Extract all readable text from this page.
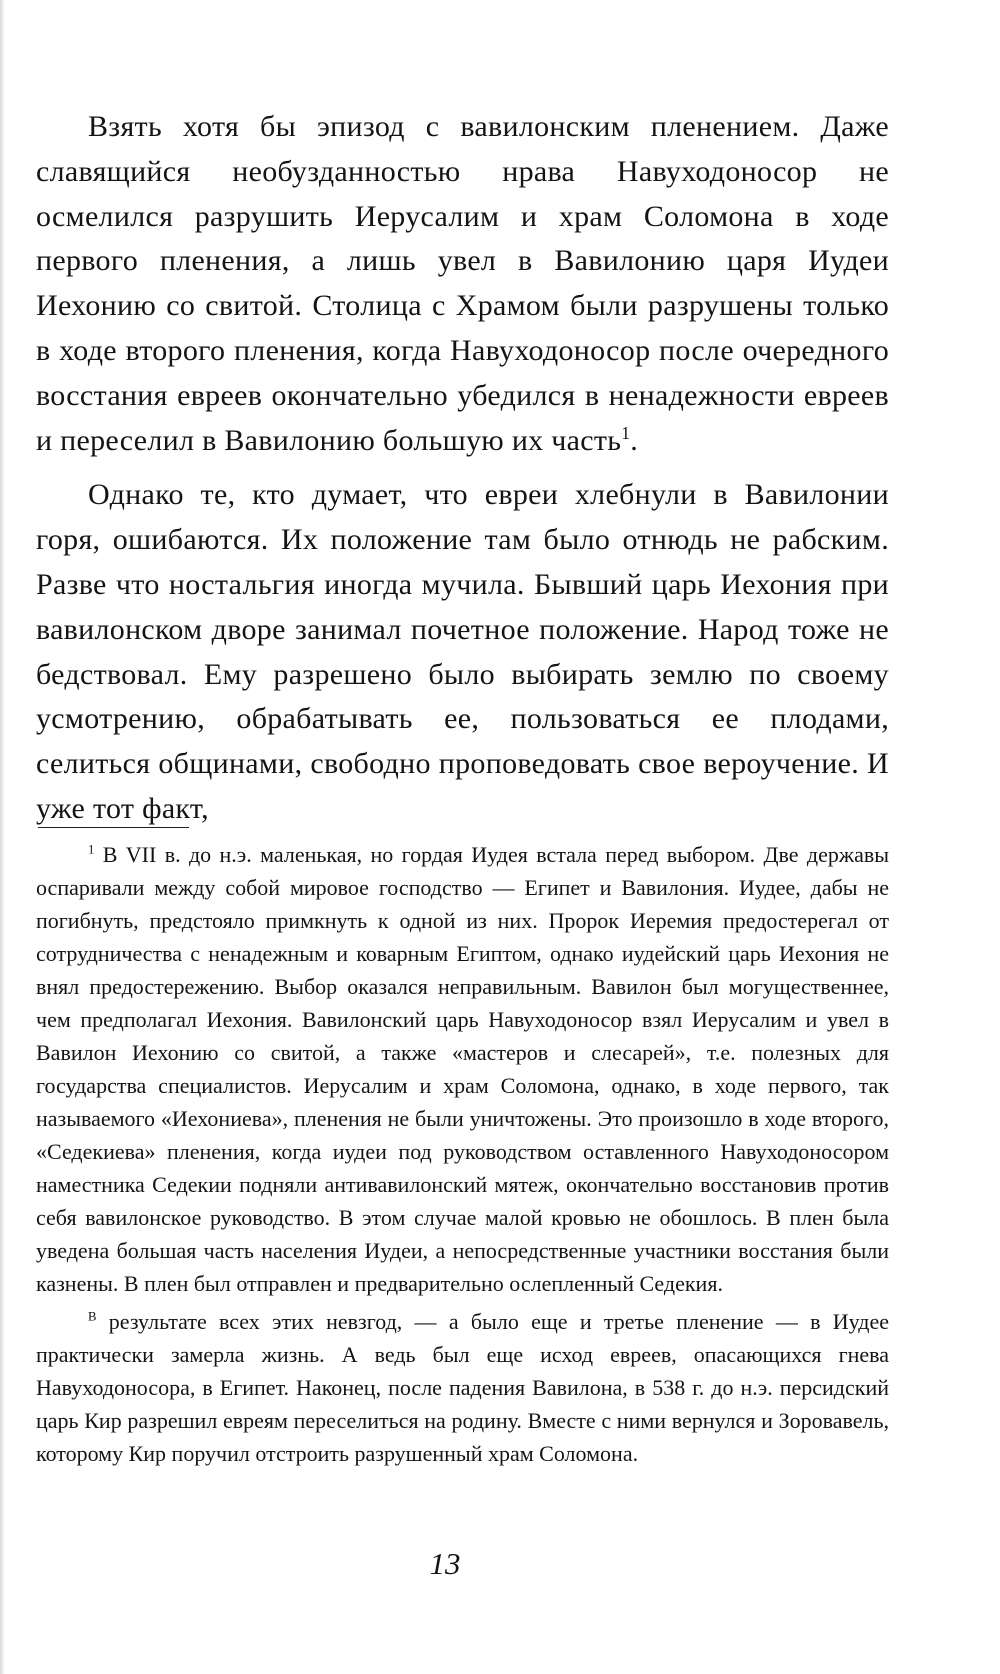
Взять хотя бы эпизод с вавилонским пленением. Даже славящийся необузданностью нрава Навуходоносор не осмелился разрушить Иерусалим и храм Соломона в ходе первого пленения, а лишь увел в Вавилонию царя Иудеи Иехонию со свитой. Столица с Храмом были разрушены только в ходе второго пленения, когда Навуходоносор после очередного восстания евреев окончательно убедился в ненадежности евреев и переселил в Вавилонию большую их часть$^1$.

Однако те, кто думает, что евреи хлебнули в Вавилонии горя, ошибаются. Их положение там было отнюдь не рабским. Разве что ностальгия иногда мучила. Бывший царь Иехония при вавилонском дворе занимал почетное положение. Народ тоже не бедствовал. Ему разрешено было выбирать землю по своему усмотрению, обрабатывать ее, пользоваться ее плодами, селиться общинами, свободно проповедовать свое вероучение. И уже тот факт,

$^1$ В VII в. до н.э. маленькая, но гордая Иудея встала перед выбором. Две державы оспаривали между собой мировое господство — Египет и Вавилония. Иудее, дабы не погибнуть, предстояло примкнуть к одной из них. Пророк Иеремия предостерегал от сотрудничества с ненадежным и коварным Египтом, однако иудейский царь Иехония не внял предостережению. Выбор оказался неправильным. Вавилон был могущественнее, чем предполагал Иехония. Вавилонский царь Навуходоносор взял Иерусалим и увел в Вавилон Иехонию со свитой, а также «мастеров и слесарей», т.е. полезных для государства специалистов. Иерусалим и храм Соломона, однако, в ходе первого, так называемого «Иехониева», пленения не были уничтожены. Это произошло в ходе второго, «Седекиева» пленения, когда иудеи под руководством оставленного Навуходоносором наместника Седекии подняли антивавилонский мятеж, окончательно восстановив против себя вавилонское руководство. В этом случае малой кровью не обошлось. В плен была уведена большая часть населения Иудеи, а непосредственные участники восстания были казнены. В плен был отправлен и предварительно ослепленный Седекия.

$^В$ результате всех этих невзгод, — а было еще и третье пленение — в Иудее практически замерла жизнь. А ведь был еще исход евреев, опасающихся гнева Навуходоносора, в Египет. Наконец, после падения Вавилона, в 538 г. до н.э. персидский царь Кир разрешил евреям переселиться на родину. Вместе с ними вернулся и Зоровавель, которому Кир поручил отстроить разрушенный храм Соломона.

13
